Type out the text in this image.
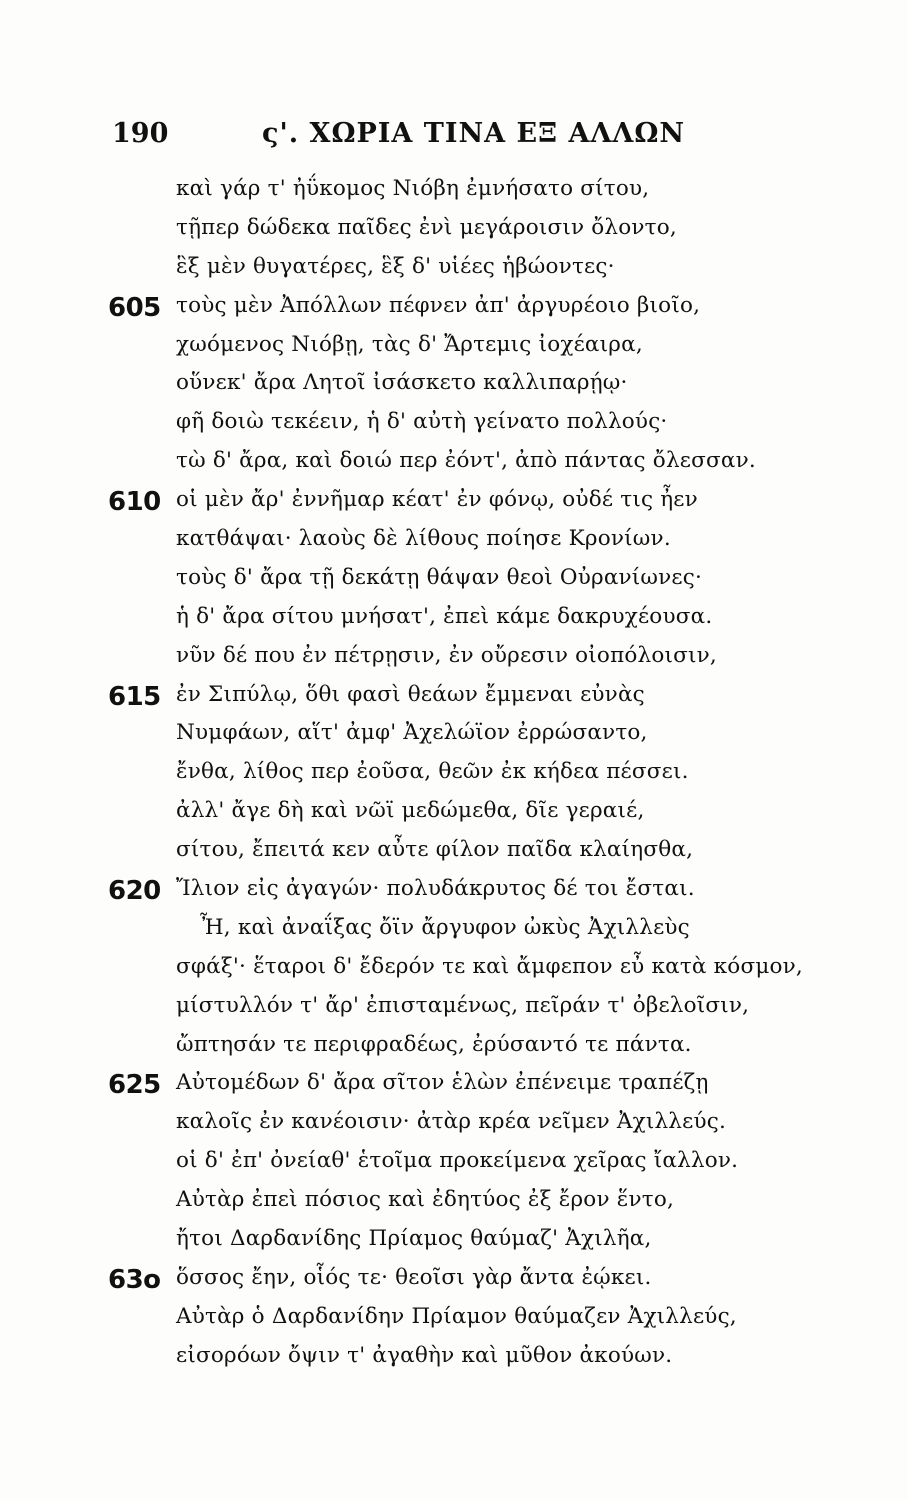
190	ς'. ΧΩΡΙΑ ΤΙΝΑ ΕΞ ΑΛΛΩΝ
καὶ γάρ τ' ἠΰκομος Νιόβη ἐμνήσατο σίτου,
τῇπερ δώδεκα παῖδες ἐνὶ μεγάροισιν ὄλοντο,
ἓξ μὲν θυγατέρες, ἓξ δ' υἱέες ἡβώοντες·
605 τοὺς μὲν Ἀπόλλων πέφνεν ἀπ' ἀργυρέοιο βιοῖο,
χωόμενος Νιόβῃ, τὰς δ' Ἄρτεμις ἰοχέαιρα,
οὕνεκ' ἄρα Λητοῖ ἰσάσκετο καλλιπαρῄῳ·
φῆ δοιὼ τεκέειν, ἡ δ' αὐτὴ γείνατο πολλούς·
τὼ δ' ἄρα, καὶ δοιώ περ ἐόντ', ἀπὸ πάντας ὄλεσσαν.
610 οἱ μὲν ἄρ' ἐννῆμαρ κέατ' ἐν φόνῳ, οὐδέ τις ἦεν
κατθάψαι· λαοὺς δὲ λίθους ποίησε Κρονίων.
τοὺς δ' ἄρα τῇ δεκάτῃ θάψαν θεοὶ Οὐρανίωνες·
ἡ δ' ἄρα σίτου μνήσατ', ἐπεὶ κάμε δακρυχέουσα.
νῦν δέ που ἐν πέτρῃσιν, ἐν οὔρεσιν οἰοπόλοισιν,
615 ἐν Σιπύλῳ, ὅθι φασὶ θεάων ἔμμεναι εὐνὰς
Νυμφάων, αἵτ' ἀμφ' Ἀχελώϊον ἐρρώσαντο,
ἔνθα, λίθος περ ἐοῦσα, θεῶν ἐκ κήδεα πέσσει.
ἀλλ' ἄγε δὴ καὶ νῶϊ μεδώμεθα, δῖε γεραιέ,
σίτου, ἔπειτά κεν αὖτε φίλον παῖδα κλαίησθα,
620 Ἴλιον εἰς ἀγαγών· πολυδάκρυτος δέ τοι ἔσται.
Ἦ, καὶ ἀναΐξας ὄϊν ἄργυφον ὠκὺς Ἀχιλλεὺς
σφάξ'· ἕταροι δ' ἔδερόν τε καὶ ἄμφεπον εὖ κατὰ κόσμον,
μίστυλλόν τ' ἄρ' ἐπισταμένως, πεῖράν τ' ὀβελοῖσιν,
ὤπτησάν τε περιφραδέως, ἐρύσαντό τε πάντα.
625 Αὐτομέδων δ' ἄρα σῖτον ἑλὼν ἐπένειμε τραπέζῃ
καλοῖς ἐν κανέοισιν· ἀτὰρ κρέα νεῖμεν Ἀχιλλεύς.
οἱ δ' ἐπ' ὀνείαθ' ἑτοῖμα προκείμενα χεῖρας ἴαλλον.
Αὐτὰρ ἐπεὶ πόσιος καὶ ἐδητύος ἐξ ἔρον ἕντο,
ἤτοι Δαρδανίδης Πρίαμος θαύμαζ' Ἀχιλῆα,
63o ὅσσος ἔην, οἷός τε· θεοῖσι γὰρ ἄντα ἐῴκει.
Αὐτὰρ ὁ Δαρδανίδην Πρίαμον θαύμαζεν Ἀχιλλεύς,
εἰσορόων ὄψιν τ' ἀγαθὴν καὶ μῦθον ἀκούων.
